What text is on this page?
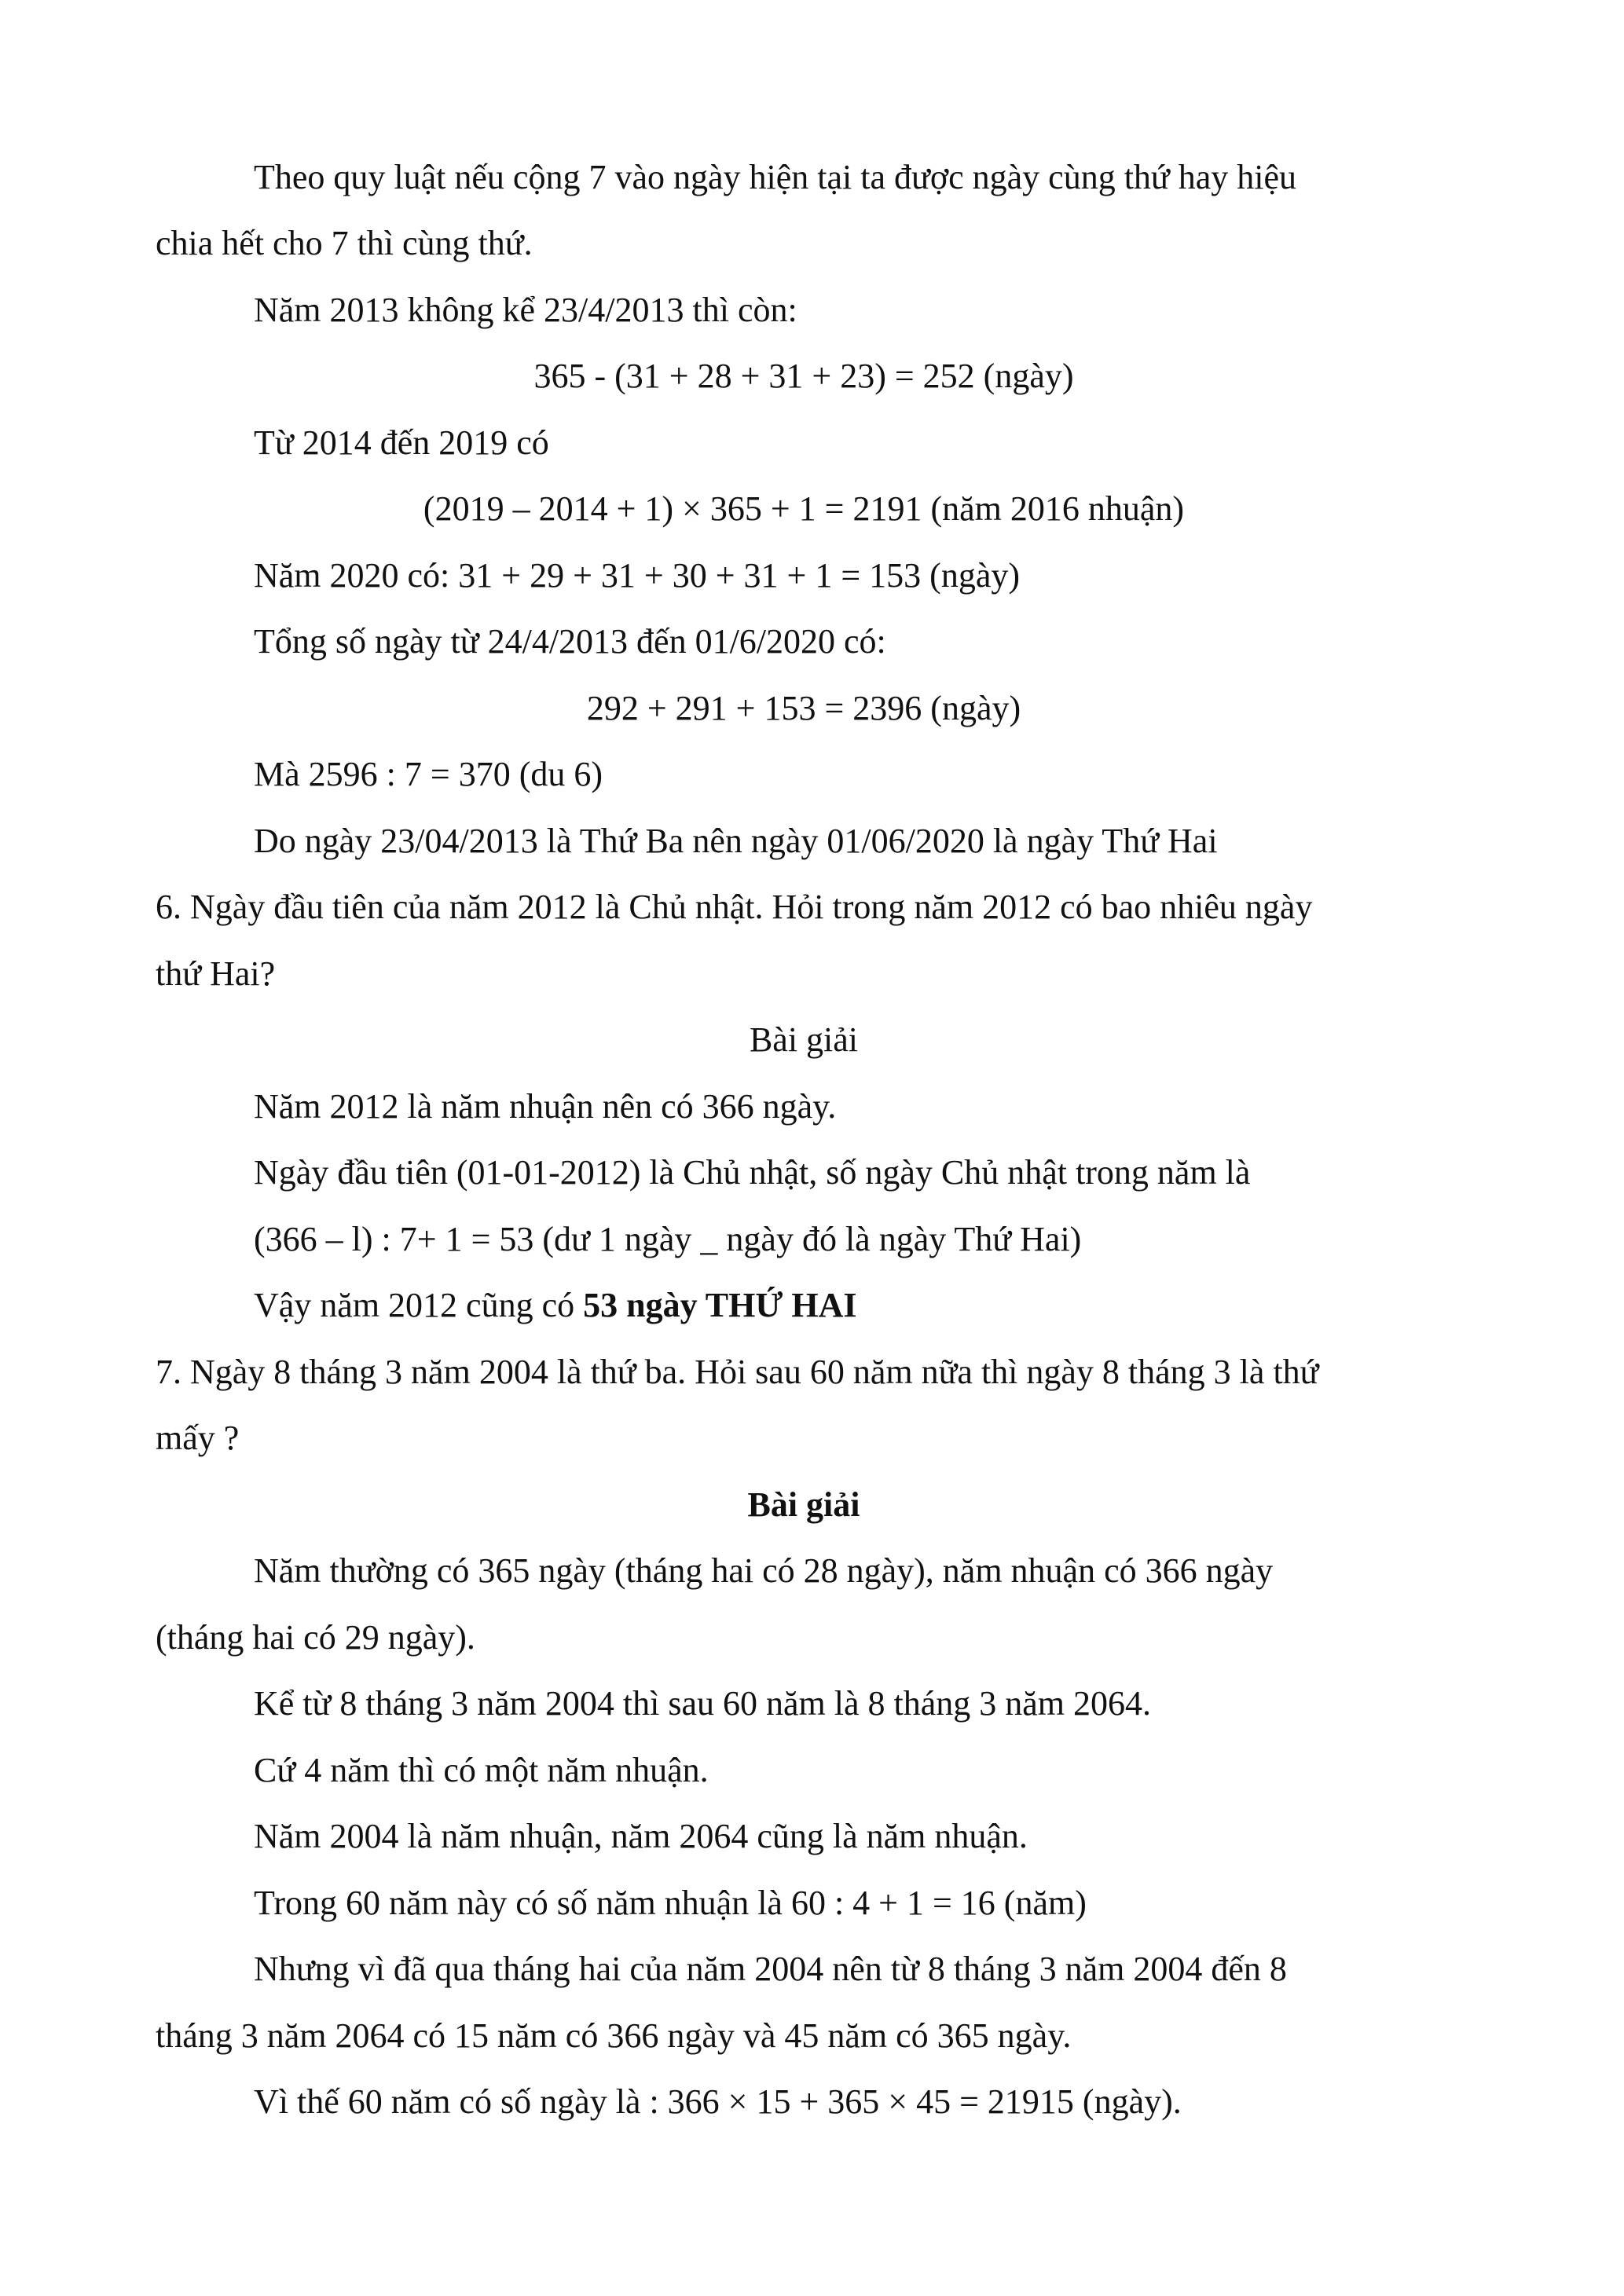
Theo quy luật nếu cộng 7 vào ngày hiện tại ta được ngày cùng thứ hay hiệu
chia hết cho 7 thì cùng thứ.
Năm 2013 không kể 23/4/2013 thì còn:
365 - (31 + 28 + 31 + 23) = 252 (ngày)
Từ 2014 đến 2019 có
(2019 – 2014 + 1) × 365 + 1 = 2191 (năm 2016 nhuận)
Năm 2020 có: 31 + 29 + 31 + 30 + 31 + 1 = 153 (ngày)
Tổng số ngày từ 24/4/2013 đến 01/6/2020 có:
292 + 291 + 153 = 2396 (ngày)
Mà 2596 : 7 = 370 (du 6)
Do ngày 23/04/2013 là Thứ Ba nên ngày 01/06/2020 là ngày Thứ Hai
6. Ngày đầu tiên của năm 2012 là Chủ nhật. Hỏi trong năm 2012 có bao nhiêu ngày
thứ Hai?
Bài giải
Năm 2012 là năm nhuận nên có 366 ngày.
Ngày đầu tiên (01-01-2012) là Chủ nhật, số ngày Chủ nhật trong năm là
(366 – l) : 7+ 1 = 53 (dư 1 ngày _ ngày đó là ngày Thứ Hai)
Vậy năm 2012 cũng có 53 ngày THỨ HAI
7. Ngày 8 tháng 3 năm 2004 là thứ ba. Hỏi sau 60 năm nữa thì ngày 8 tháng 3 là thứ
mấy ?
Bài giải
Năm thường có 365 ngày (tháng hai có 28 ngày), năm nhuận có 366 ngày
(tháng hai có 29 ngày).
Kể từ 8 tháng 3 năm 2004 thì sau 60 năm là 8 tháng 3 năm 2064.
Cứ 4 năm thì có một năm nhuận.
Năm 2004 là năm nhuận, năm 2064 cũng là năm nhuận.
Trong 60 năm này có số năm nhuận là 60 : 4 + 1 = 16 (năm)
Nhưng vì đã qua tháng hai của năm 2004 nên từ 8 tháng 3 năm 2004 đến 8
tháng 3 năm 2064 có 15 năm có 366 ngày và 45 năm có 365 ngày.
Vì thế 60 năm có số ngày là : 366 × 15 + 365 × 45 = 21915 (ngày).
